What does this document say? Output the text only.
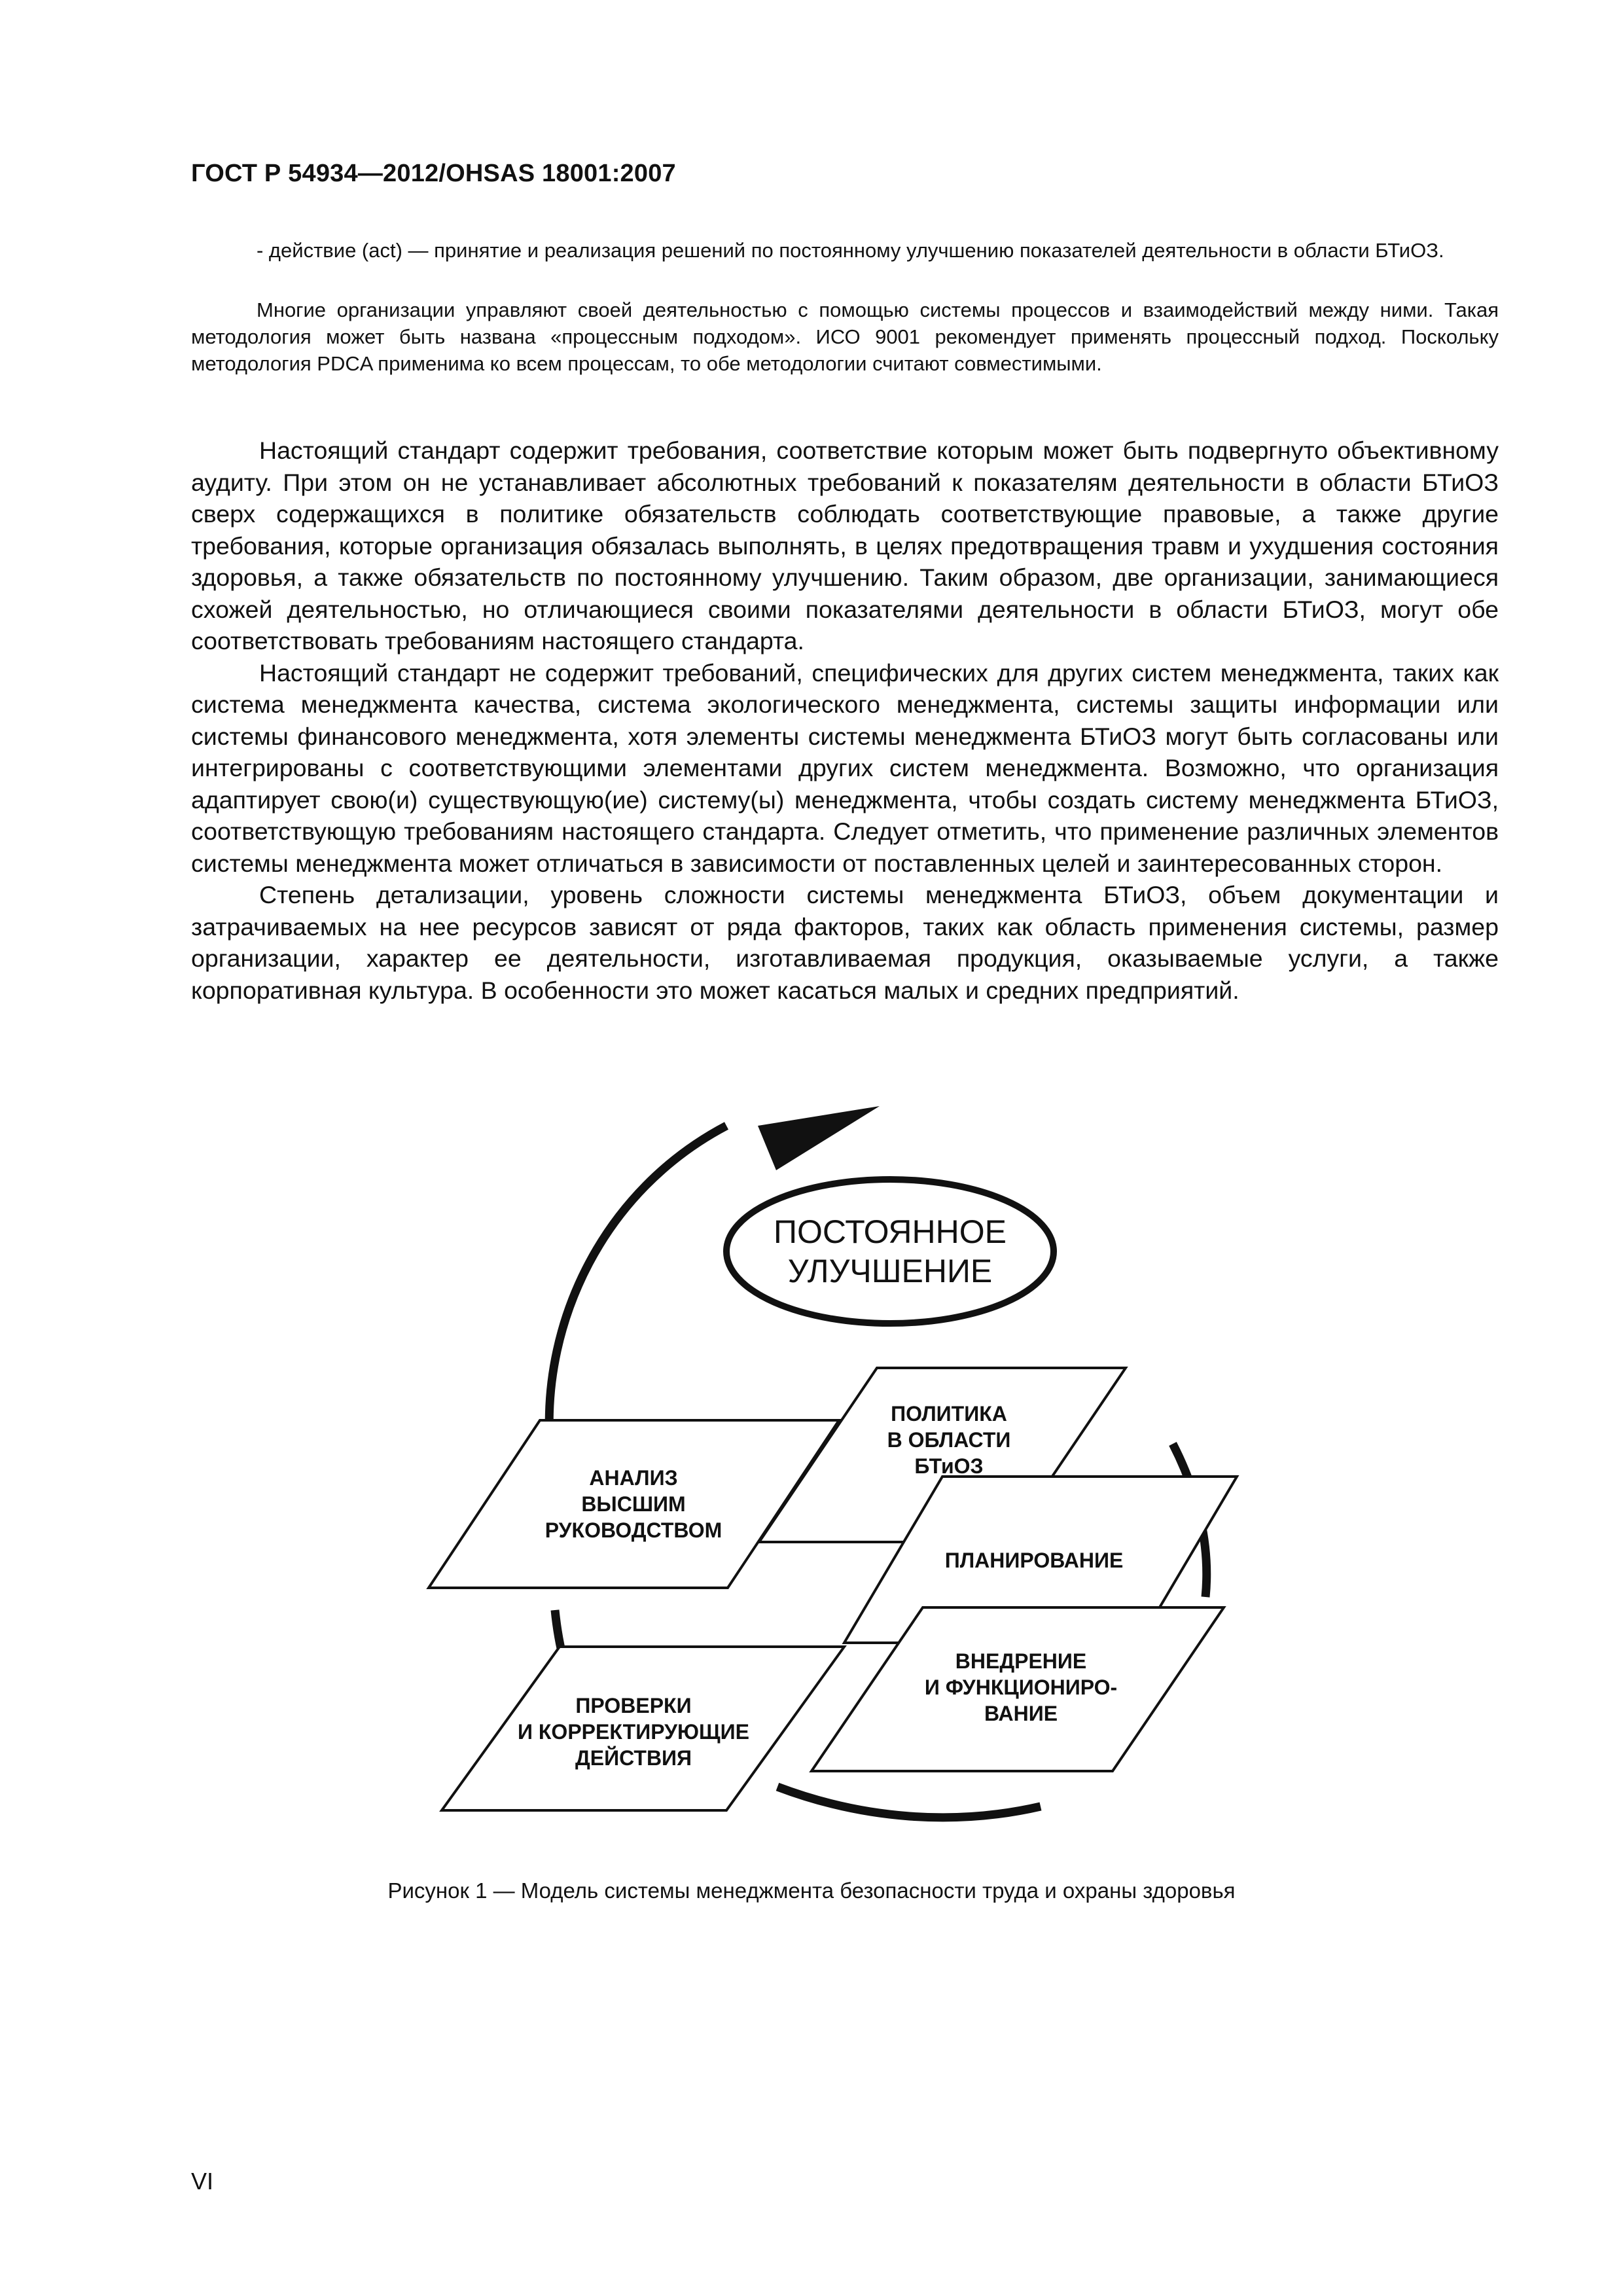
ГОСТ Р 54934—2012/OHSAS 18001:2007
- действие (act) — принятие и реализация решений по постоянному улучшению показателей деятельности в области БТиОЗ.
Многие организации управляют своей деятельностью с помощью системы процессов и взаимодействий между ними. Такая методология может быть названа «процессным подходом». ИСО 9001 рекомендует применять процессный подход. Поскольку методология PDCA применима ко всем процессам, то обе методологии считают совместимыми.

Настоящий стандарт содержит требования, соответствие которым может быть подвергнуто объективному аудиту. При этом он не устанавливает абсолютных требований к показателям деятельности в области БТиОЗ сверх содержащихся в политике обязательств соблюдать соответствующие правовые, а также другие требования, которые организация обязалась выполнять, в целях предотвращения травм и ухудшения состояния здоровья, а также обязательств по постоянному улучшению. Таким образом, две организации, занимающиеся схожей деятельностью, но отличающиеся своими показателями деятельности в области БТиОЗ, могут обе соответствовать требованиям настоящего стандарта.

Настоящий стандарт не содержит требований, специфических для других систем менеджмента, таких как система менеджмента качества, система экологического менеджмента, системы защиты информации или системы финансового менеджмента, хотя элементы системы менеджмента БТиОЗ могут быть согласованы или интегрированы с соответствующими элементами других систем менеджмента. Возможно, что организация адаптирует свою(и) существующую(ие) систему(ы) менеджмента, чтобы создать систему менеджмента БТиОЗ, соответствующую требованиям настоящего стандарта. Следует отметить, что применение различных элементов системы менеджмента может отличаться в зависимости от поставленных целей и заинтересованных сторон.

Степень детализации, уровень сложности системы менеджмента БТиОЗ, объем документации и затрачиваемых на нее ресурсов зависят от ряда факторов, таких как область применения системы, размер организации, характер ее деятельности, изготавливаемая продукция, оказываемые услуги, а также корпоративная культура. В особенности это может касаться малых и средних предприятий.

ПОСТОЯННОЕ
УЛУЧШЕНИЕ
ПОЛИТИКА
В ОБЛАСТИ
БТиОЗ
ПЛАНИРОВАНИЕ
ВНЕДРЕНИЕ
И ФУНКЦИОНИРО-
ВАНИЕ
АНАЛИЗ
ВЫСШИМ
РУКОВОДСТВОМ
ПРОВЕРКИ
И КОРРЕКТИРУЮЩИЕ
ДЕЙСТВИЯ
Рисунок 1 — Модель системы менеджмента безопасности труда и охраны здоровья
VI
